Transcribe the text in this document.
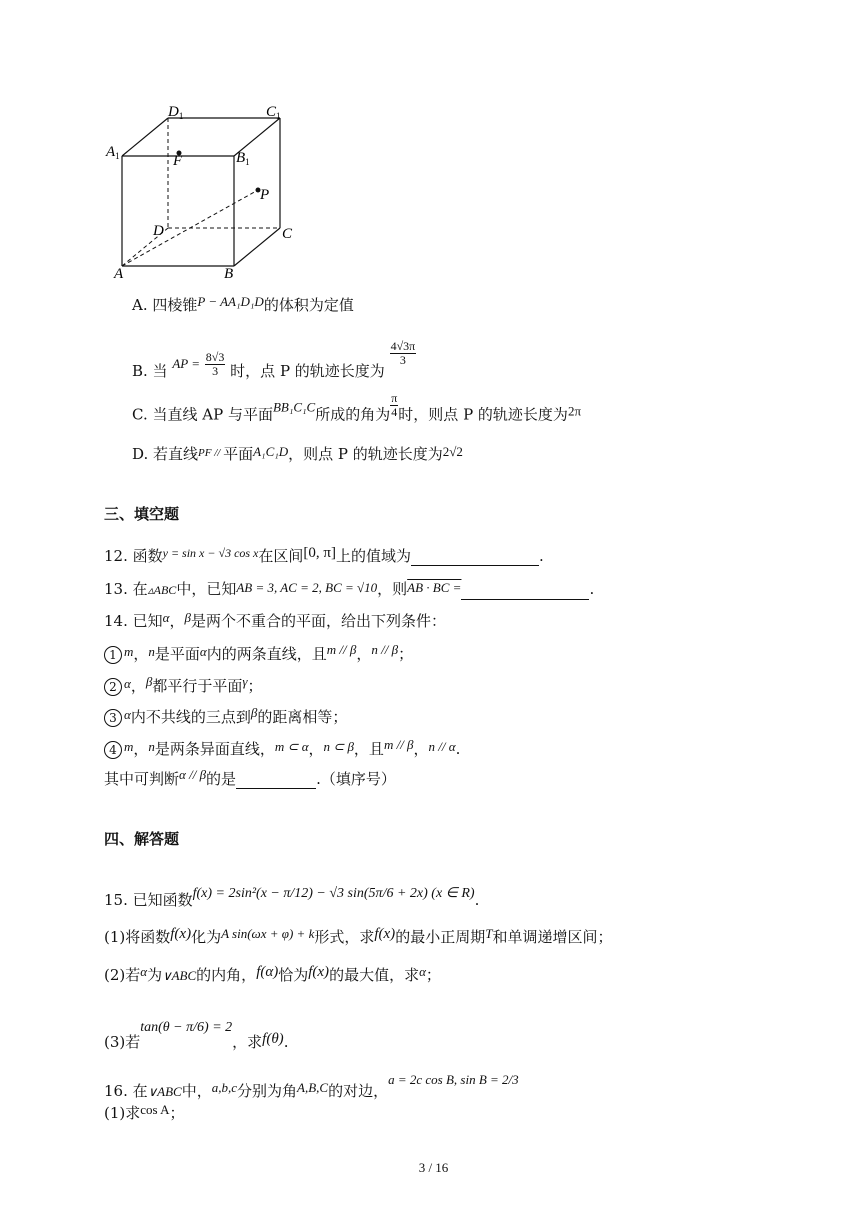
$D_1$	$C_1$
$A_1$	$B_1$
F
P
D	C
A	B
A. 四棱锥P − AA₁D₁D的体积为定值
B. 当 AP = $\frac{8√3}{3}$ 时，点 P 的轨迹长度为
$\frac{4√3\pi}{3}$
C. 当直线 AP 与平面BB₁C₁C所成的角为 $\frac{\pi}{4}$ 时，则点 P 的轨迹长度为2π
D. 若直线$^{PF //}$ 平面A₁C₁D，则点 P 的轨迹长度为2√2
三、填空题
12. 函数$^{y = sin x - √3 cos x}$在区间[0, π]上的值域为	.
13. 在▵ABC中，已知AB = 3, AC = 2, BC = √10，则AB · BC =	.
14. 已知α，β是两个不重合的平面，给出下列条件：
1 m，n是平面α内的两条直线，且m // β，n // β；
2 α，β都平行于平面γ；
3 α内不共线的三点到β的距离相等；
4 m，n是两条异面直线，m ⊂ α，n ⊂ β，且m // β，n // α.
其中可判断α // β的是	.（填序号）
四、解答题
15. 已知函数f(x) = 2sin²(x − π/12) − √3 sin(5π/6 + 2x) (x ∈ R).
(1)将函数f(x)化为A sin(ωx + φ) + k形式，求f(x)的最小正周期T和单调递增区间；
(2)若α为∨ABC的内角，f(α)恰为f(x)的最大值，求α；
(3)若tan(θ − π/6) = 2，求f(θ).
16. 在∨ABC中，a,b,c分别为角A,B,C的对边，a = 2c cos B, sin B = 2/3
(1)求cos A；
3 / 16
